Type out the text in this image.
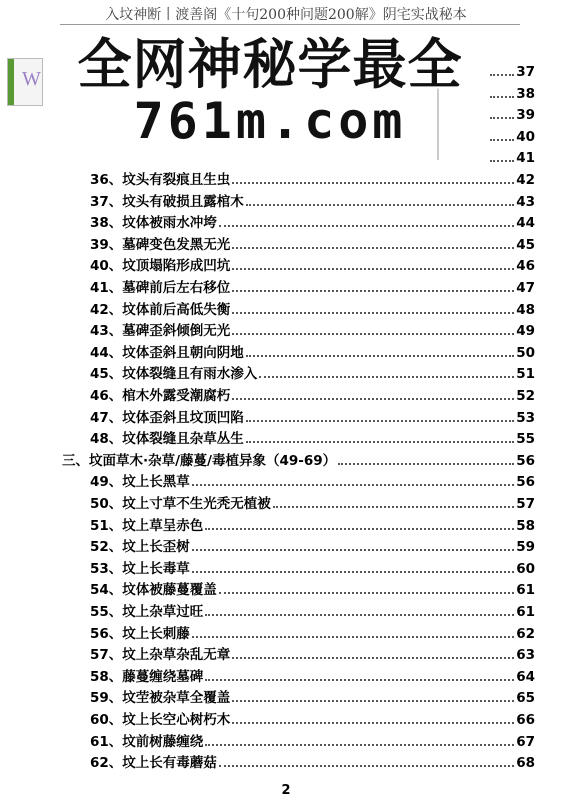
入坟神断丨渡善阁《十句200种问题200解》阴宅实战秘本
W	37
38
39
40
41
36、坟头有裂痕且生虫	42
37、坟头有破损且露棺木	43
38、坟体被雨水冲垮	44
39、墓碑变色发黑无光	45
40、坟顶塌陷形成凹坑	46
41、墓碑前后左右移位	47
42、坟体前后高低失衡	48
43、墓碑歪斜倾倒无光	49
44、坟体歪斜且朝向阴地	50
45、坟体裂缝且有雨水渗入	51
46、棺木外露受潮腐朽	52
47、坟体歪斜且坟顶凹陷	53
48、坟体裂缝且杂草丛生	55
三、坟面草木·杂草/藤蔓/毒植异象（49-69）	56
49、坟上长黑草	56
50、坟上寸草不生光秃无植被	57
51、坟上草呈赤色	58
52、坟上长歪树	59
53、坟上长毒草	60
54、坟体被藤蔓覆盖	61
55、坟上杂草过旺	61
56、坟上长刺藤	62
57、坟上杂草杂乱无章	63
58、藤蔓缠绕墓碑	64
59、坟茔被杂草全覆盖	65
60、坟上长空心树朽木	66
61、坟前树藤缠绕	67
62、坟上长有毒蘑菇	68
全网神秘学最全
761m.com
2
